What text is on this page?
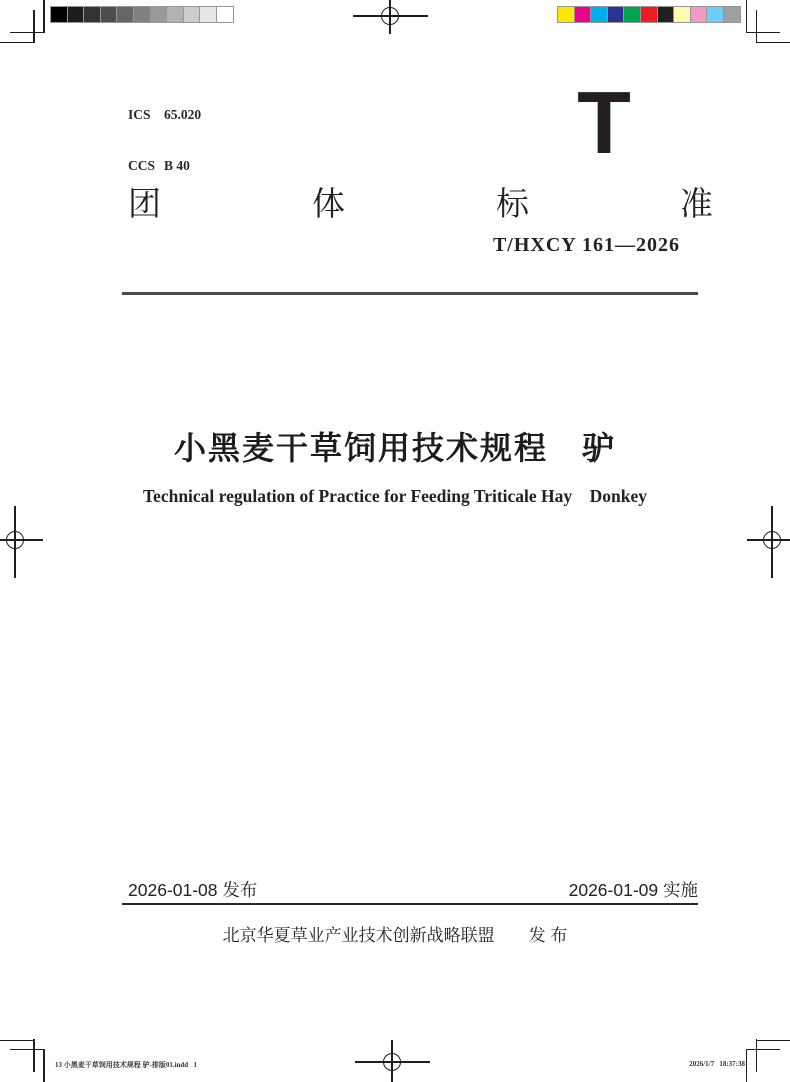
ICS 65.020

CCS B 40

	T
团	体	标	准
T/HXCY 161—2026
小黑麦干草饲用技术规程　驴
Technical regulation of Practice for Feeding Triticale Hay    Donkey
2026-01-08 发布	2026-01-09 实施
北京华夏草业产业技术创新战略联盟　　发 布
13 小黑麦干草饲用技术规程 驴-排版01.indd   1	2026/1/7   18:37:38
